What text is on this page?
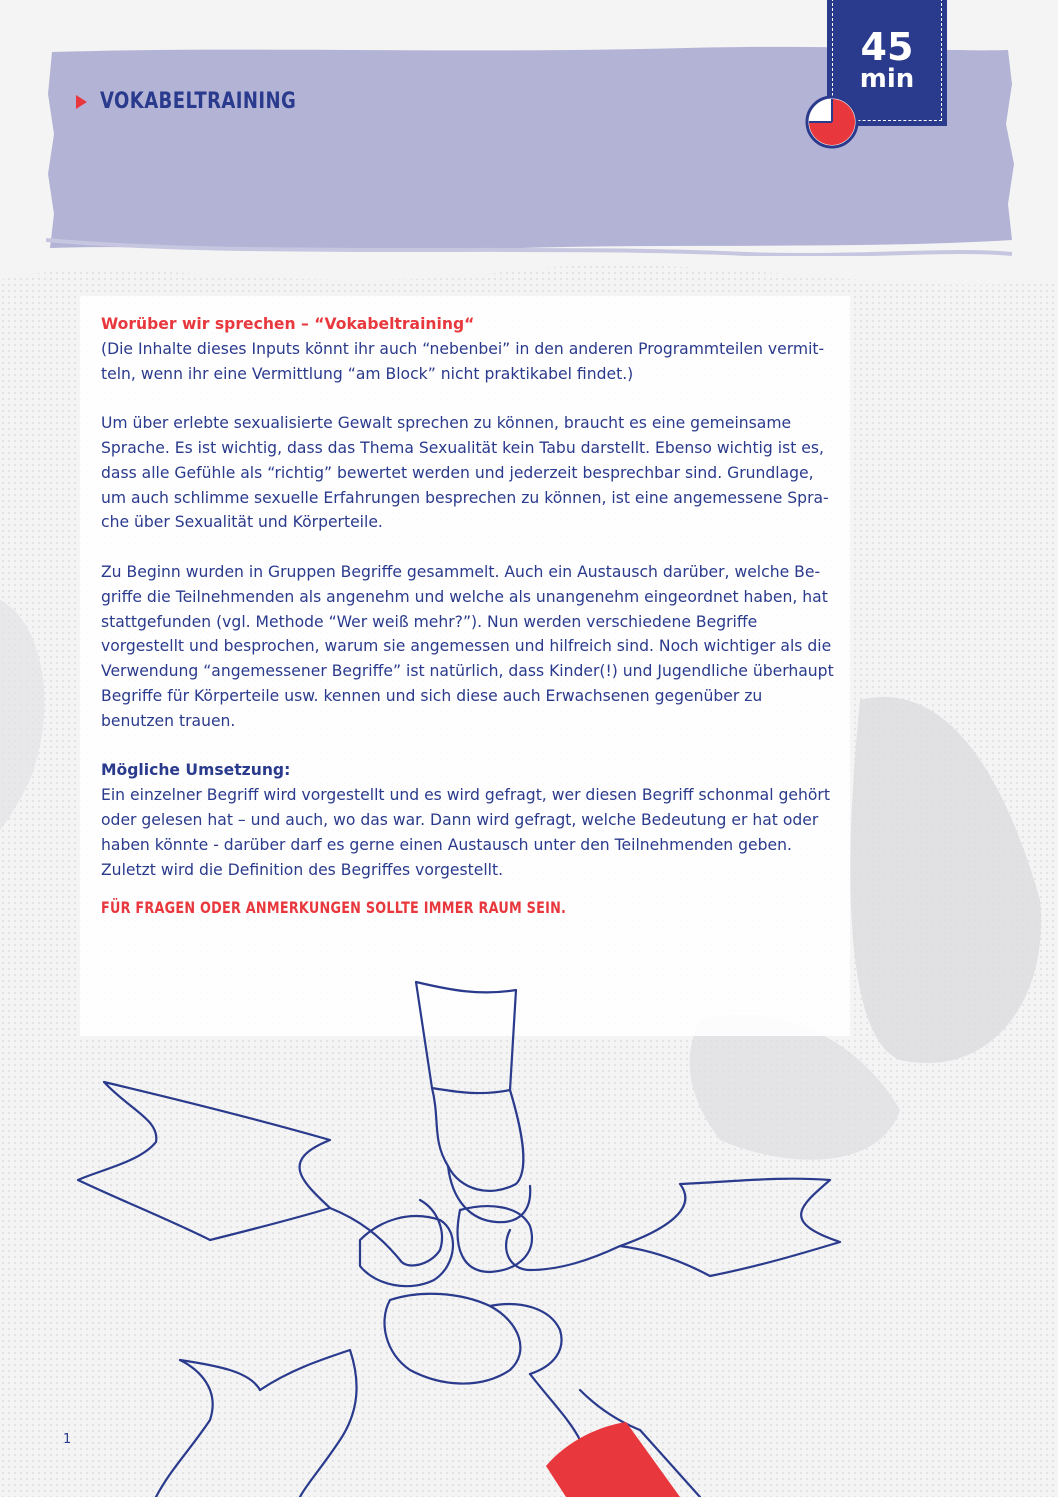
VOKABELTRAINING
45
min

Worüber wir sprechen – “Vokabeltraining“
(Die Inhalte dieses Inputs könnt ihr auch “nebenbei” in den anderen Programmteilen vermitteln, wenn ihr eine Vermittlung “am Block” nicht praktikabel findet.)

Um über erlebte sexualisierte Gewalt sprechen zu können, braucht es eine gemeinsame Sprache. Es ist wichtig, dass das Thema Sexualität kein Tabu darstellt. Ebenso wichtig ist es, dass alle Gefühle als “richtig” bewertet werden und jederzeit besprechbar sind. Grundlage, um auch schlimme sexuelle Erfahrungen besprechen zu können, ist eine angemessene Sprache über Sexualität und Körperteile.

Zu Beginn wurden in Gruppen Begriffe gesammelt. Auch ein Austausch darüber, welche Begriffe die Teilnehmenden als angenehm und welche als unangenehm eingeordnet haben, hat stattgefunden (vgl. Methode “Wer weiß mehr?”). Nun werden verschiedene Begriffe vorgestellt und besprochen, warum sie angemessen und hilfreich sind. Noch wichtiger als die Verwendung “angemessener Begriffe” ist natürlich, dass Kinder(!) und Jugendliche überhaupt Begriffe für Körperteile usw. kennen und sich diese auch Erwachsenen gegenüber zu benutzen trauen.

Mögliche Umsetzung:
Ein einzelner Begriff wird vorgestellt und es wird gefragt, wer diesen Begriff schonmal gehört oder gelesen hat – und auch, wo das war. Dann wird gefragt, welche Bedeutung er hat oder haben könnte - darüber darf es gerne einen Austausch unter den Teilnehmenden geben. Zuletzt wird die Definition des Begriffes vorgestellt.

FÜR FRAGEN ODER ANMERKUNGEN SOLLTE IMMER RAUM SEIN.

1
